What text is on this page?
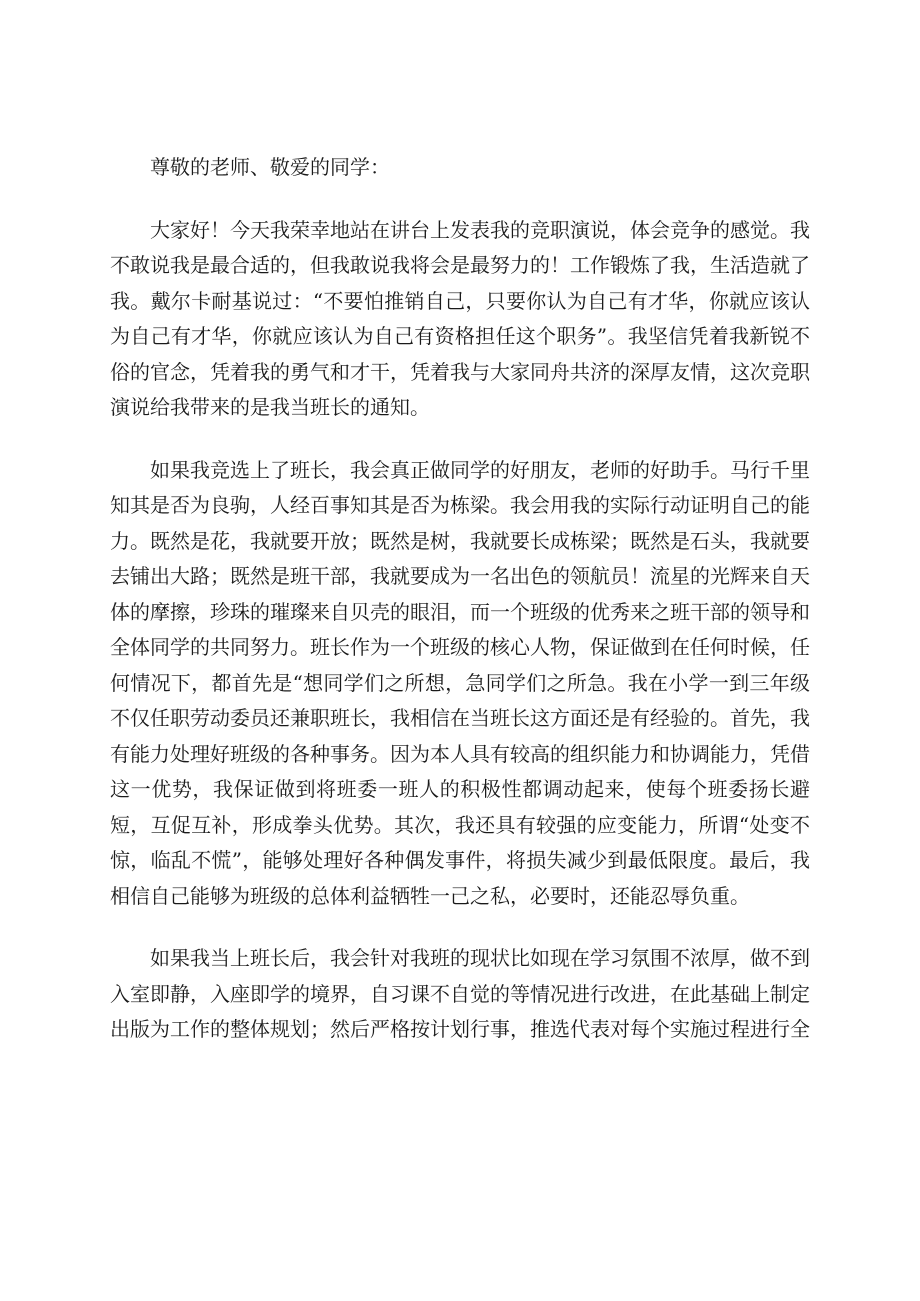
尊敬的老师、敬爱的同学：

大家好！今天我荣幸地站在讲台上发表我的竞职演说，体会竞争的感觉。我不敢说我是最合适的，但我敢说我将会是最努力的！工作锻炼了我，生活造就了我。戴尔卡耐基说过：“不要怕推销自己，只要你认为自己有才华，你就应该认为自己有才华，你就应该认为自己有资格担任这个职务”。我坚信凭着我新锐不俗的官念，凭着我的勇气和才干，凭着我与大家同舟共济的深厚友情，这次竞职演说给我带来的是我当班长的通知。

如果我竞选上了班长，我会真正做同学的好朋友，老师的好助手。马行千里知其是否为良驹，人经百事知其是否为栋梁。我会用我的实际行动证明自己的能力。既然是花，我就要开放；既然是树，我就要长成栋梁；既然是石头，我就要去铺出大路；既然是班干部，我就要成为一名出色的领航员！流星的光辉来自天体的摩擦，珍珠的璀璨来自贝壳的眼泪，而一个班级的优秀来之班干部的领导和全体同学的共同努力。班长作为一个班级的核心人物，保证做到在任何时候，任何情况下，都首先是“想同学们之所想，急同学们之所急。我在小学一到三年级不仅任职劳动委员还兼职班长，我相信在当班长这方面还是有经验的。首先，我有能力处理好班级的各种事务。因为本人具有较高的组织能力和协调能力，凭借这一优势，我保证做到将班委一班人的积极性都调动起来，使每个班委扬长避短，互促互补，形成拳头优势。其次，我还具有较强的应变能力，所谓“处变不惊，临乱不慌”，能够处理好各种偶发事件，将损失减少到最低限度。最后，我相信自己能够为班级的总体利益牺牲一己之私，必要时，还能忍辱负重。

如果我当上班长后，我会针对我班的现状比如现在学习氛围不浓厚，做不到入室即静，入座即学的境界，自习课不自觉的等情况进行改进，在此基础上制定出版为工作的整体规划；然后严格按计划行事，推选代表对每个实施过程进行全
